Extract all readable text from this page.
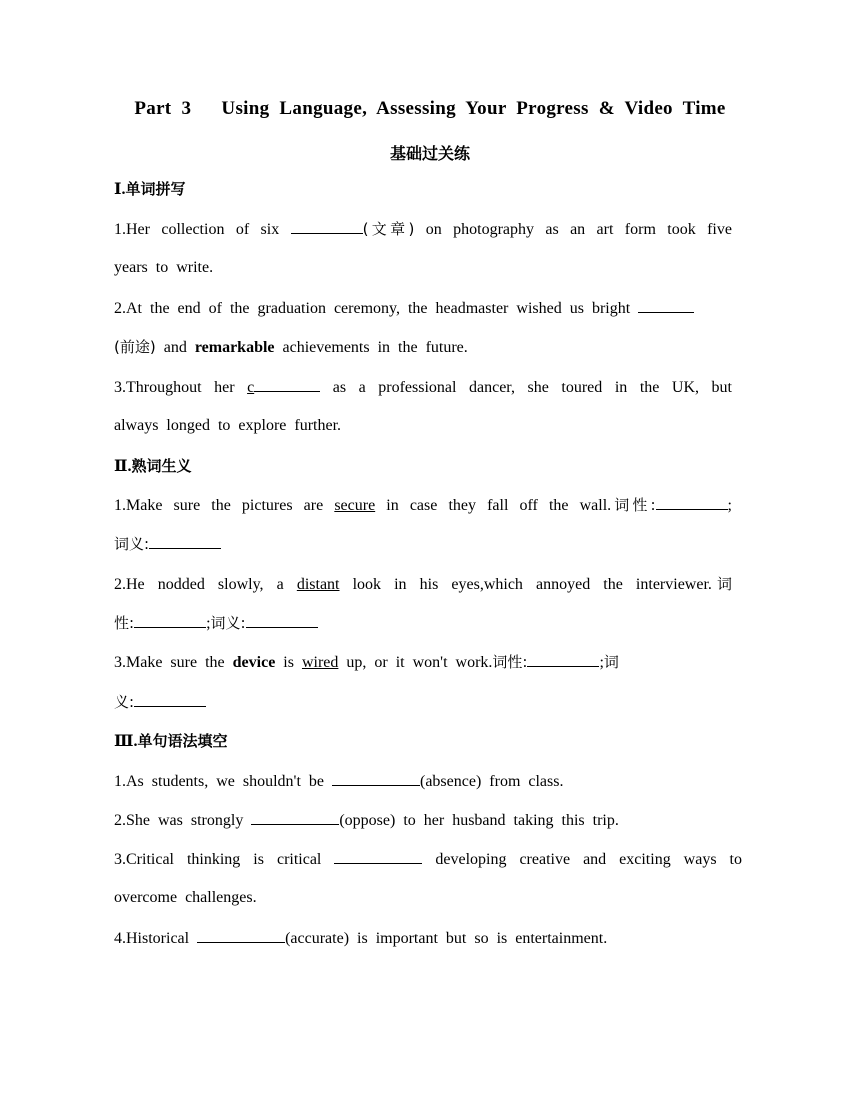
Part 3   Using Language, Assessing Your Progress & Video Time
基础过关练
Ⅰ.单词拼写
1.Her collection of six	(文章) on photography as an art form took five
years to write.
2.At the end of the graduation ceremony, the headmaster wished us bright
(前途) and remarkable achievements in the future.
3.Throughout her c	as a professional dancer, she toured in the UK, but
always longed to explore further.
Ⅱ.熟词生义
1.Make sure the pictures are secure in case they fall off the wall.词性:	;
词义:
2.He nodded slowly, a distant look in his eyes,which annoyed the interviewer.词
性:	;词义:
3.Make sure the device is wired up, or it won't work.词性:	;词
义:
Ⅲ.单句语法填空
1.As students, we shouldn't be	(absence) from class.
2.She was strongly	(oppose) to her husband taking this trip.
3.Critical thinking is critical	developing creative and exciting ways to
overcome challenges.
4.Historical	(accurate) is important but so is entertainment.
